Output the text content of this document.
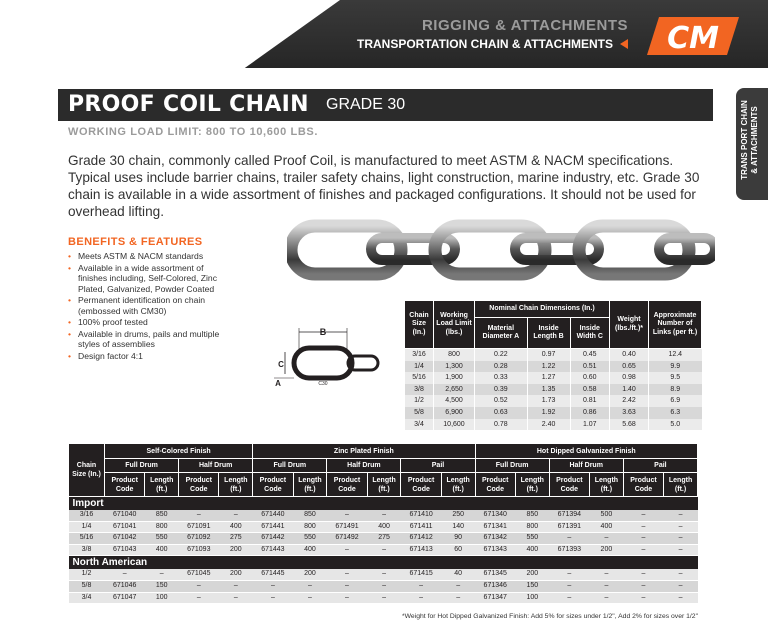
RIGGING & ATTACHMENTS
TRANSPORTATION CHAIN & ATTACHMENTS CM
TRANS PORT CHAIN & ATTACHMENTS
PROOF COIL CHAIN GRADE 30
WORKING LOAD LIMIT: 800 TO 10,600 LBS.
Grade 30 chain, commonly called Proof Coil, is manufactured to meet ASTM & NACM specifications. Typical uses include barrier chains, trailer safety chains, light construction, marine industry, etc. Grade 30 chain is available in a wide assortment of finishes and packaged configurations. It should not be used for overhead lifting.
BENEFITS & FEATURES
• Meets ASTM & NACM standards
• Available in a wide assortment of finishes including, Self-Colored, Zinc Plated, Galvanized, Powder Coated
• Permanent identification on chain (embossed with CM30)
• 100% proof tested
• Available in drums, pails and multiple styles of assemblies
• Design factor 4:1
B
C
A	C30
Chain Size (In.)	Working Load Limit (lbs.)	Nominal Chain Dimensions (In.)			Weight (lbs./ft.)*	Approximate Number of Links (per ft.)
		Material Diameter A	Inside Length B	Inside Width C		
3/16	800	0.22	0.97	0.45	0.40	12.4
1/4	1,300	0.28	1.22	0.51	0.65	9.9
5/16	1,900	0.33	1.27	0.60	0.98	9.5
3/8	2,650	0.39	1.35	0.58	1.40	8.9
1/2	4,500	0.52	1.73	0.81	2.42	6.9
5/8	6,900	0.63	1.92	0.86	3.63	6.3
3/4	10,600	0.78	2.40	1.07	5.68	5.0
Chain Size (In.)	Self-Colored Finish				Zinc Plated Finish						Hot Dipped Galvanized Finish					
	Full Drum		Half Drum		Full Drum		Half Drum		Pail		Full Drum		Half Drum		Pail	
	Product Code	Length (ft.)	Product Code	Length (ft.)	Product Code	Length (ft.)	Product Code	Length (ft.)	Product Code	Length (ft.)	Product Code	Length (ft.)	Product Code	Length (ft.)	Product Code	Length (ft.)
Import																
3/16	671040	850	–	–	671440	850	–	–	671410	250	671340	850	671394	500	–	–
1/4	671041	800	671091	400	671441	800	671491	400	671411	140	671341	800	671391	400	–	–
5/16	671042	550	671092	275	671442	550	671492	275	671412	90	671342	550	–	–	–	–
3/8	671043	400	671093	200	671443	400	–	–	671413	60	671343	400	671393	200	–	–
North American																
1/2	–	–	671045	200	671445	200	–	–	671415	40	671345	200	–	–	–	–
5/8	671046	150	–	–	–	–	–	–	–	–	671346	150	–	–	–	–
3/4	671047	100	–	–	–	–	–	–	–	–	671347	100	–	–	–	–
*Weight for Hot Dipped Galvanized Finish: Add 5% for sizes under 1/2", Add 2% for sizes over 1/2"
